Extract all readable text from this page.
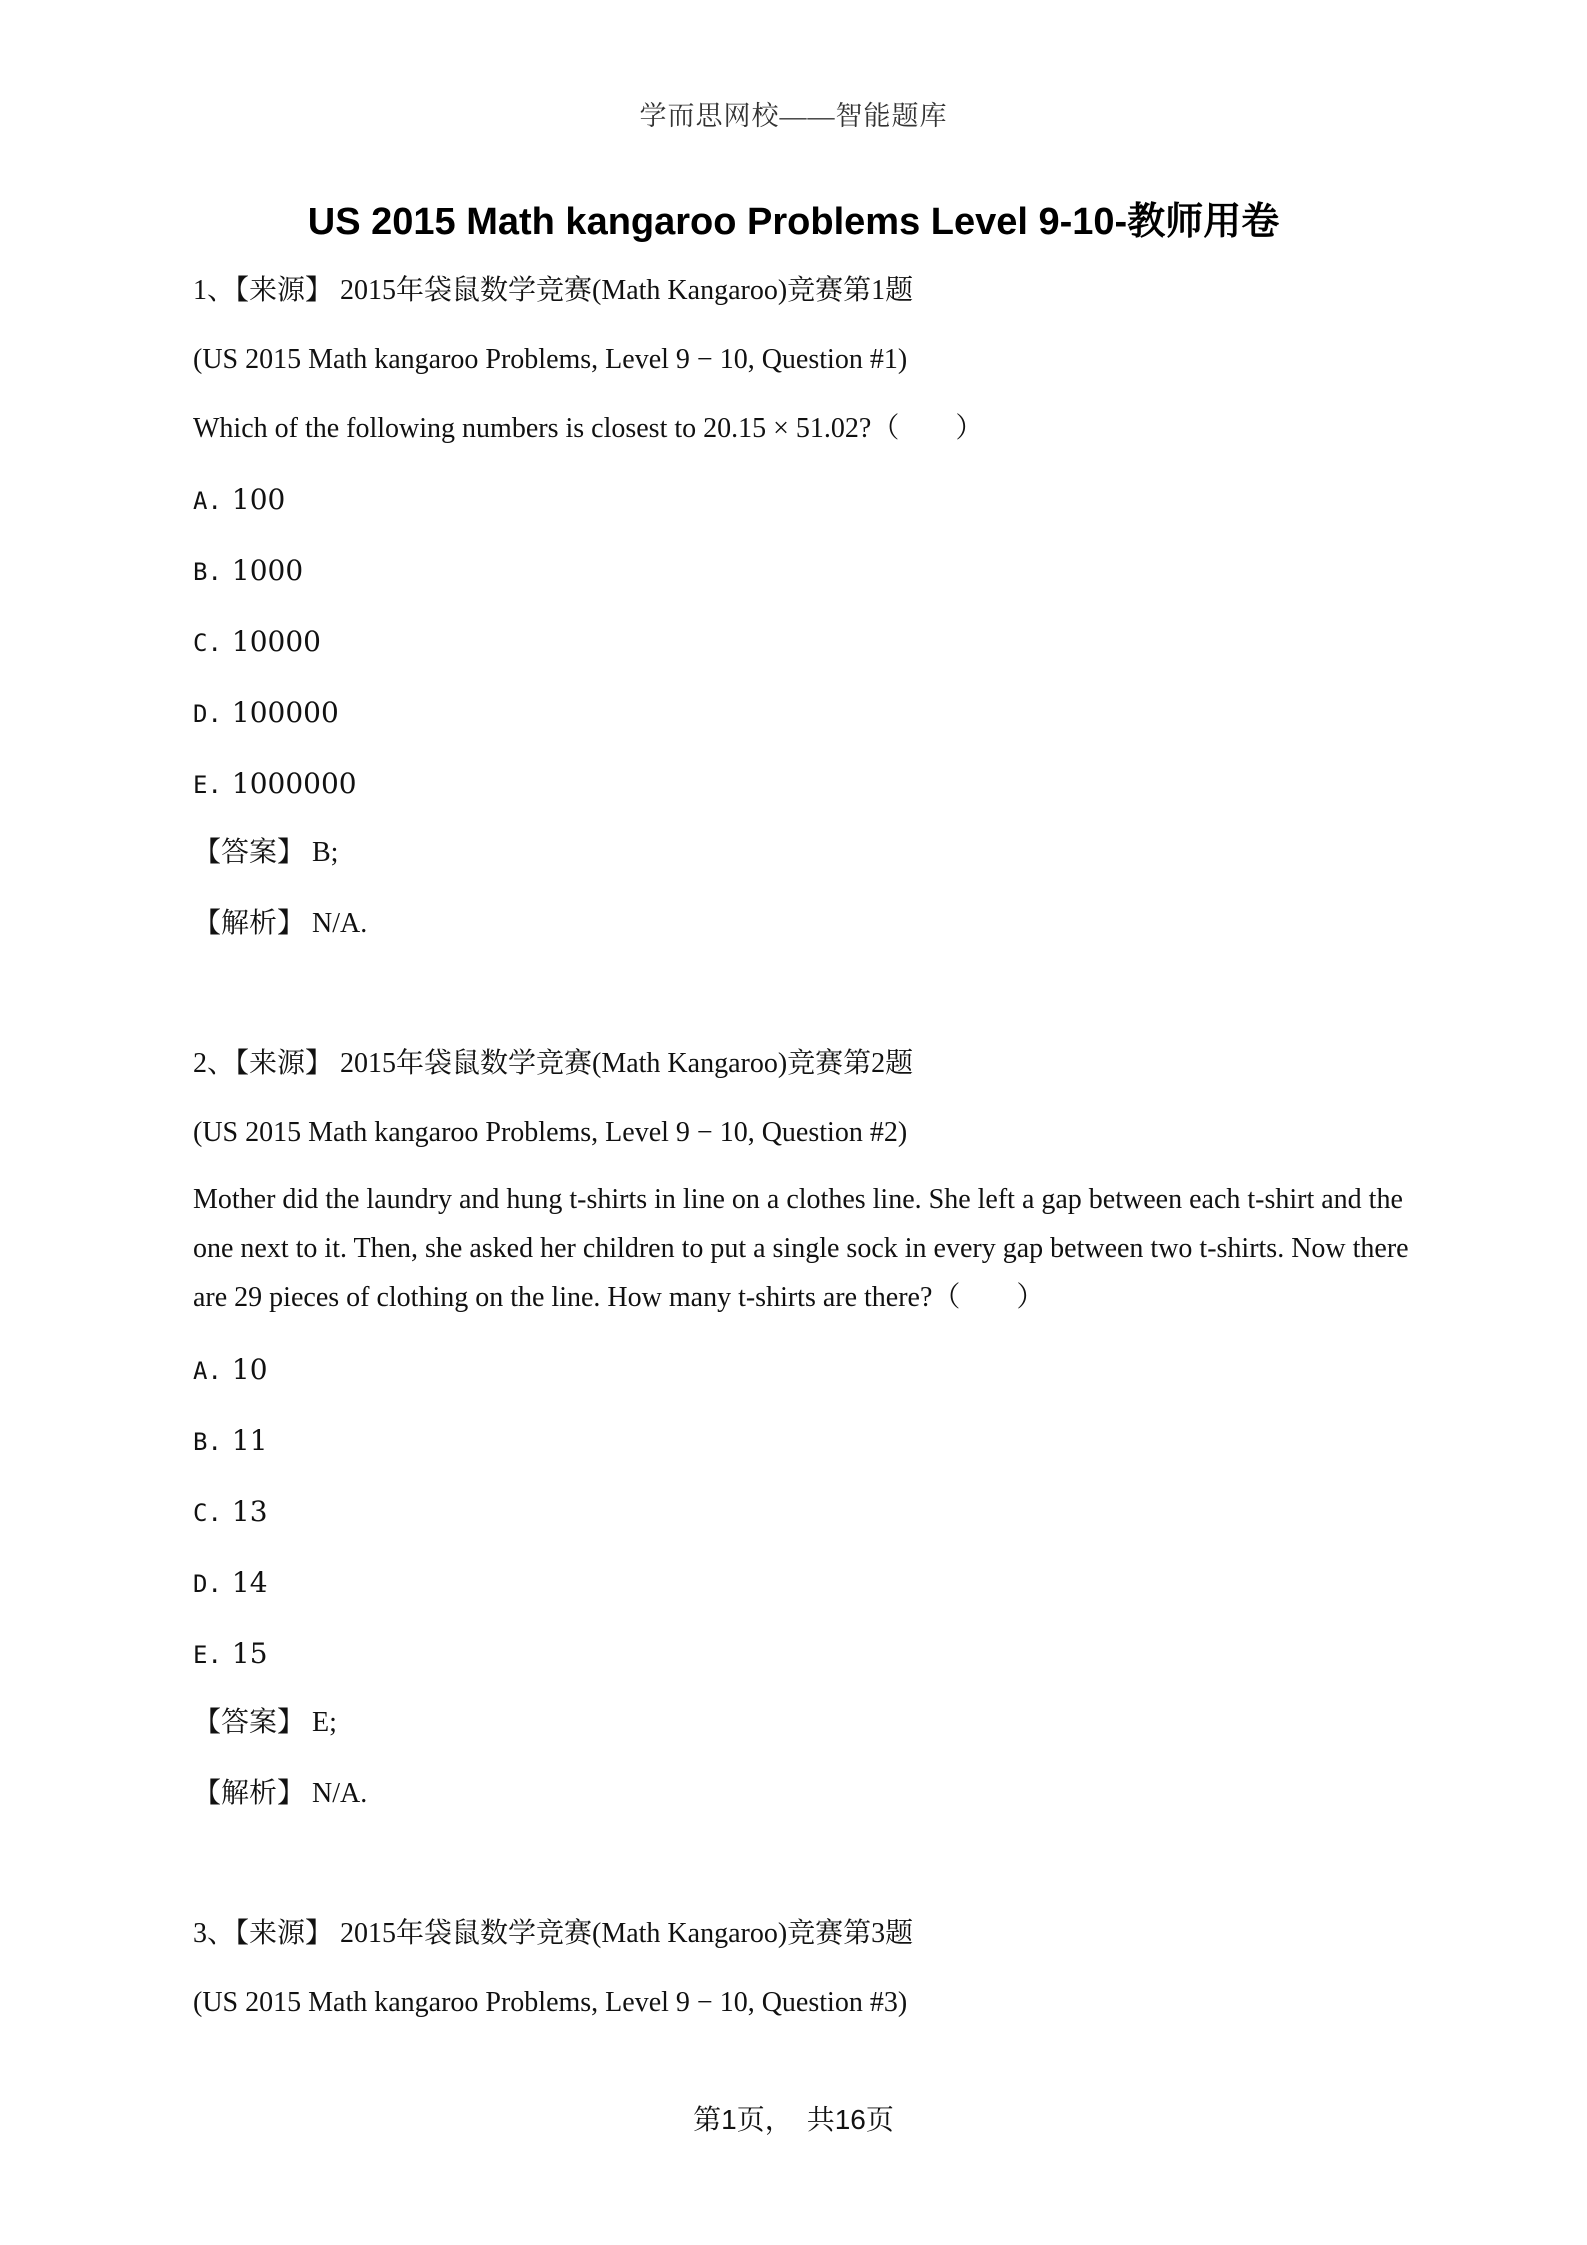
学而思网校——智能题库
US 2015 Math kangaroo Problems Level 9-10-教师用卷
1、【来源】 2015年袋鼠数学竞赛(Math Kangaroo)竞赛第1题
(US 2015 Math kangaroo Problems, Level 9 − 10, Question #1)
Which of the following numbers is closest to 20.15 × 51.02?（　　）
A. 100
B. 1000
C. 10000
D. 100000
E. 1000000
【答案】 B;
【解析】 N/A.
2、【来源】 2015年袋鼠数学竞赛(Math Kangaroo)竞赛第2题
(US 2015 Math kangaroo Problems, Level 9 − 10, Question #2)
Mother did the laundry and hung t-shirts in line on a clothes line. She left a gap between each t-shirt and the one next to it. Then, she asked her children to put a single sock in every gap between two t-shirts. Now there are 29 pieces of clothing on the line. How many t-shirts are there?（　　）
A. 10
B. 11
C. 13
D. 14
E. 15
【答案】 E;
【解析】 N/A.
3、【来源】 2015年袋鼠数学竞赛(Math Kangaroo)竞赛第3题
(US 2015 Math kangaroo Problems, Level 9 − 10, Question #3)
第1页，　共16页
